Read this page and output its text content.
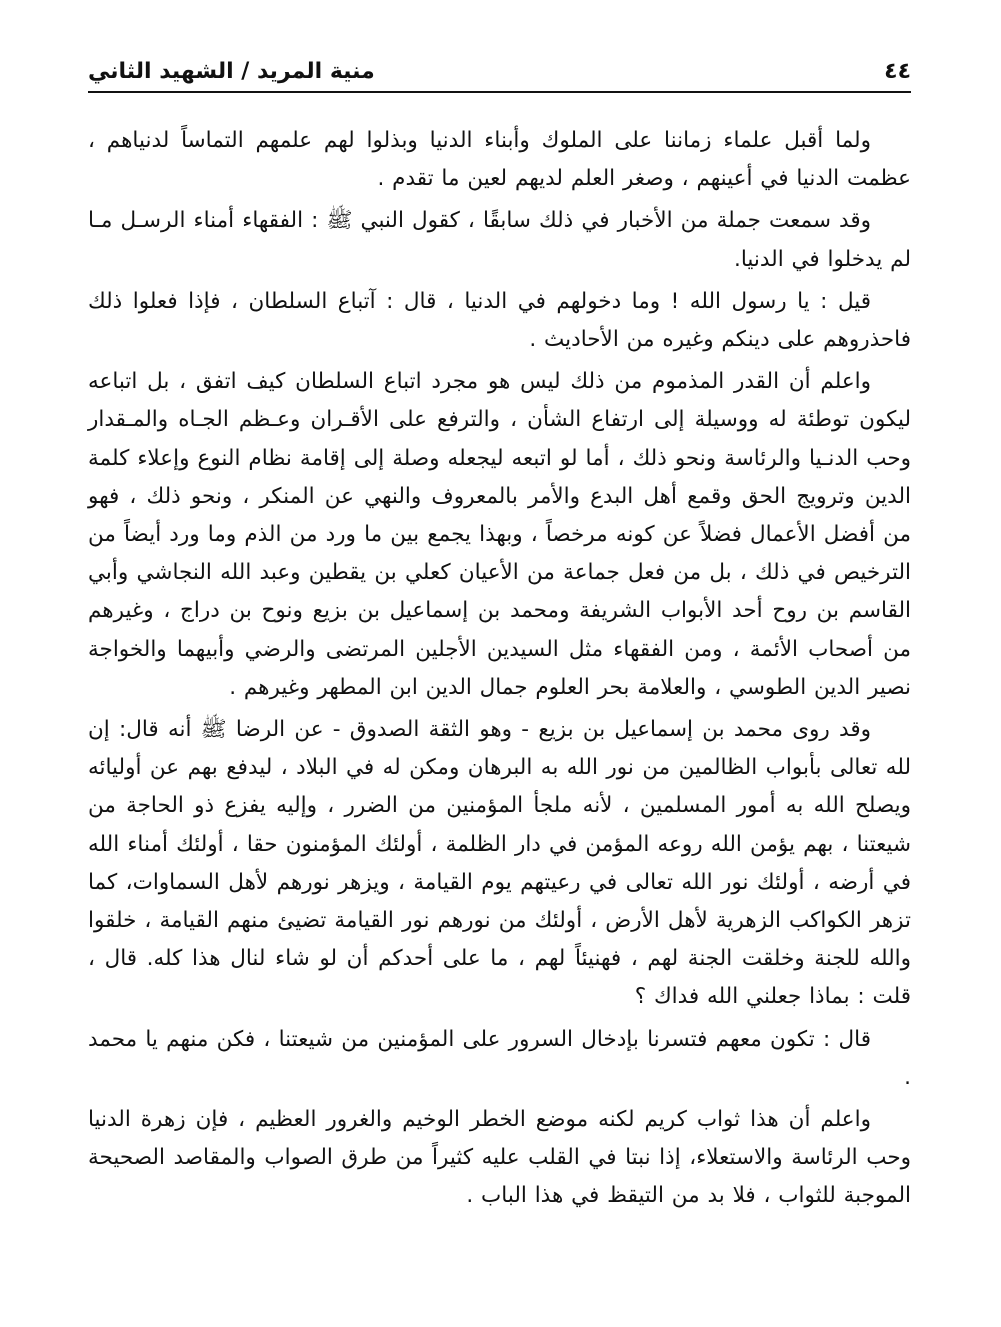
٤٤
منية المريد / الشهيد الثاني

ولما أقبل علماء زماننا على الملوك وأبناء الدنيا وبذلوا لهم علمهم التماساً لدنياهم ، عظمت الدنيا في أعينهم ، وصغر العلم لديهم لعين ما تقدم .

وقد سمعت جملة من الأخبار في ذلك سابقًا ، كقول النبي ﷺ : الفقهاء أمناء الرسـل مـا لم يدخلوا في الدنيا.

قيل : يا رسول الله ! وما دخولهم في الدنيا ، قال : آتباع السلطان ، فإذا فعلوا ذلك فاحذروهم على دينكم وغيره من الأحاديث .

واعلم أن القدر المذموم من ذلك ليس هو مجرد اتباع السلطان كيف اتفق ، بل اتباعه ليكون توطئة له ووسيلة إلى ارتفاع الشأن ، والترفع على الأقـران وعـظم الجـاه والمـقدار وحب الدنـيا والرئاسة ونحو ذلك ، أما لو اتبعه ليجعله وصلة إلى إقامة نظام النوع وإعلاء كلمة الدين وترويج الحق وقمع أهل البدع والأمر بالمعروف والنهي عن المنكر ، ونحو ذلك ، فهو من أفضل الأعمال فضلاً عن كونه مرخصاً ، وبهذا يجمع بين ما ورد من الذم وما ورد أيضاً من الترخيص في ذلك ، بل من فعل جماعة من الأعيان كعلي بن يقطين وعبد الله النجاشي وأبي القاسم بن روح أحد الأبواب الشريفة ومحمد بن إسماعيل بن بزيع ونوح بن دراج ، وغيرهم من أصحاب الأئمة ، ومن الفقهاء مثل السيدين الأجلين المرتضى والرضي وأبيهما والخواجة نصير الدين الطوسي ، والعلامة بحر العلوم جمال الدين ابن المطهر وغيرهم .

وقد روى محمد بن إسماعيل بن بزيع - وهو الثقة الصدوق - عن الرضا ﷺ أنه قال: إن لله تعالى بأبواب الظالمين من نور الله به البرهان ومكن له في البلاد ، ليدفع بهم عن أوليائه ويصلح الله به أمور المسلمين ، لأنه ملجأ المؤمنين من الضرر ، وإليه يفزع ذو الحاجة من شيعتنا ، بهم يؤمن الله روعه المؤمن في دار الظلمة ، أولئك المؤمنون حقا ، أولئك أمناء الله في أرضه ، أولئك نور الله تعالى في رعيتهم يوم القيامة ، ويزهر نورهم لأهل السماوات، كما تزهر الكواكب الزهرية لأهل الأرض ، أولئك من نورهم نور القيامة تضيئ منهم القيامة ، خلقوا والله للجنة وخلقت الجنة لهم ، فهنيئاً لهم ، ما على أحدكم أن لو شاء لنال هذا كله. قال ، قلت : بماذا جعلني الله فداك ؟

قال : تكون معهم فتسرنا بإدخال السرور على المؤمنين من شيعتنا ، فكن منهم يا محمد .

واعلم أن هذا ثواب كريم لكنه موضع الخطر الوخيم والغرور العظيم ، فإن زهرة الدنيا وحب الرئاسة والاستعلاء، إذا نبتا في القلب عليه كثيراً من طرق الصواب والمقاصد الصحيحة الموجبة للثواب ، فلا بد من التيقظ في هذا الباب .
